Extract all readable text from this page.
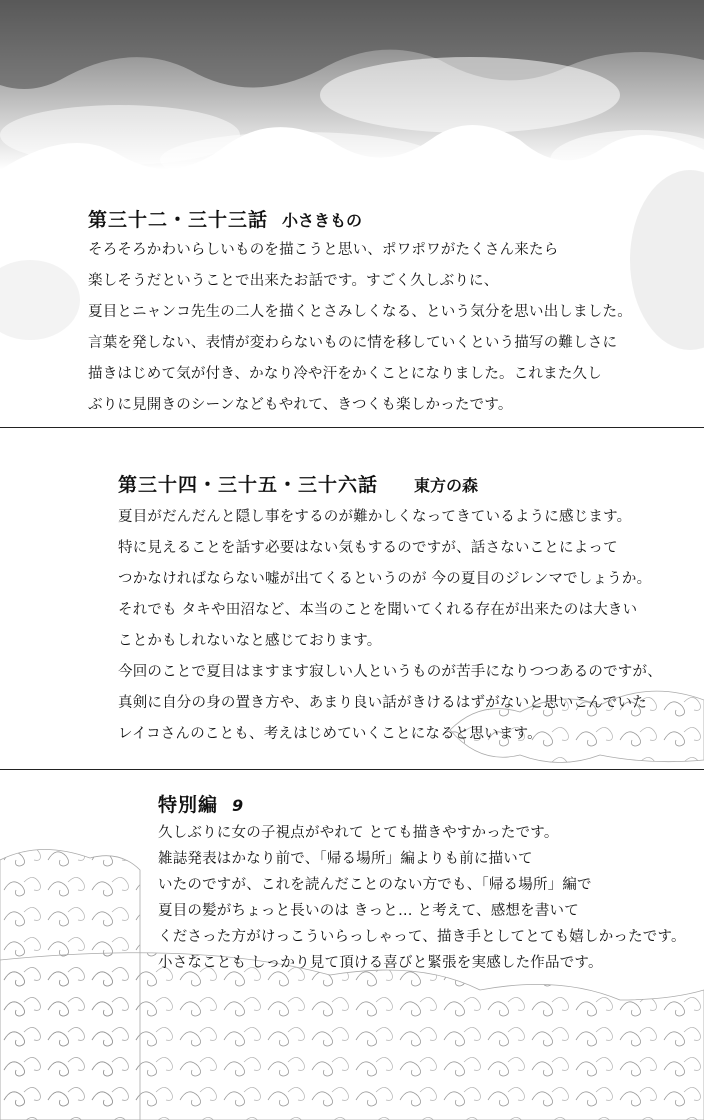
第三十二・三十三話 小さきもの
そろそろかわいらしいものを描こうと思い、ポワポワがたくさん来たら
楽しそうだということで出来たお話です。すごく久しぶりに、
夏目とニャンコ先生の二人を描くとさみしくなる、という気分を思い出しました。
言葉を発しない、表情が変わらないものに情を移していくという描写の難しさに
描きはじめて気が付き、かなり冷や汗をかくことになりました。これまた久し
ぶりに見開きのシーンなどもやれて、きつくも楽しかったです。
第三十四・三十五・三十六話 東方の森
夏目がだんだんと隠し事をするのが難かしくなってきているように感じます。
特に見えることを話す必要はない気もするのですが、話さないことによって
つかなければならない嘘が出てくるというのが 今の夏目のジレンマでしょうか。
それでも タキや田沼など、本当のことを聞いてくれる存在が出来たのは大きい
ことかもしれないなと感じております。
今回のことで夏目はますます寂しい人というものが苦手になりつつあるのですが、
真剣に自分の身の置き方や、あまり良い話がきけるはずがないと思いこんでいた
レイコさんのことも、考えはじめていくことになると思います。
特別編 9
久しぶりに女の子視点がやれて とても描きやすかったです。
雑誌発表はかなり前で、「帰る場所」編よりも前に描いて
いたのですが、これを読んだことのない方でも、「帰る場所」編で
夏目の髪がちょっと長いのは きっと… と考えて、感想を書いて
くださった方がけっこういらっしゃって、描き手としてとても嬉しかったです。
小さなことも しっかり見て頂ける喜びと緊張を実感した作品です。
